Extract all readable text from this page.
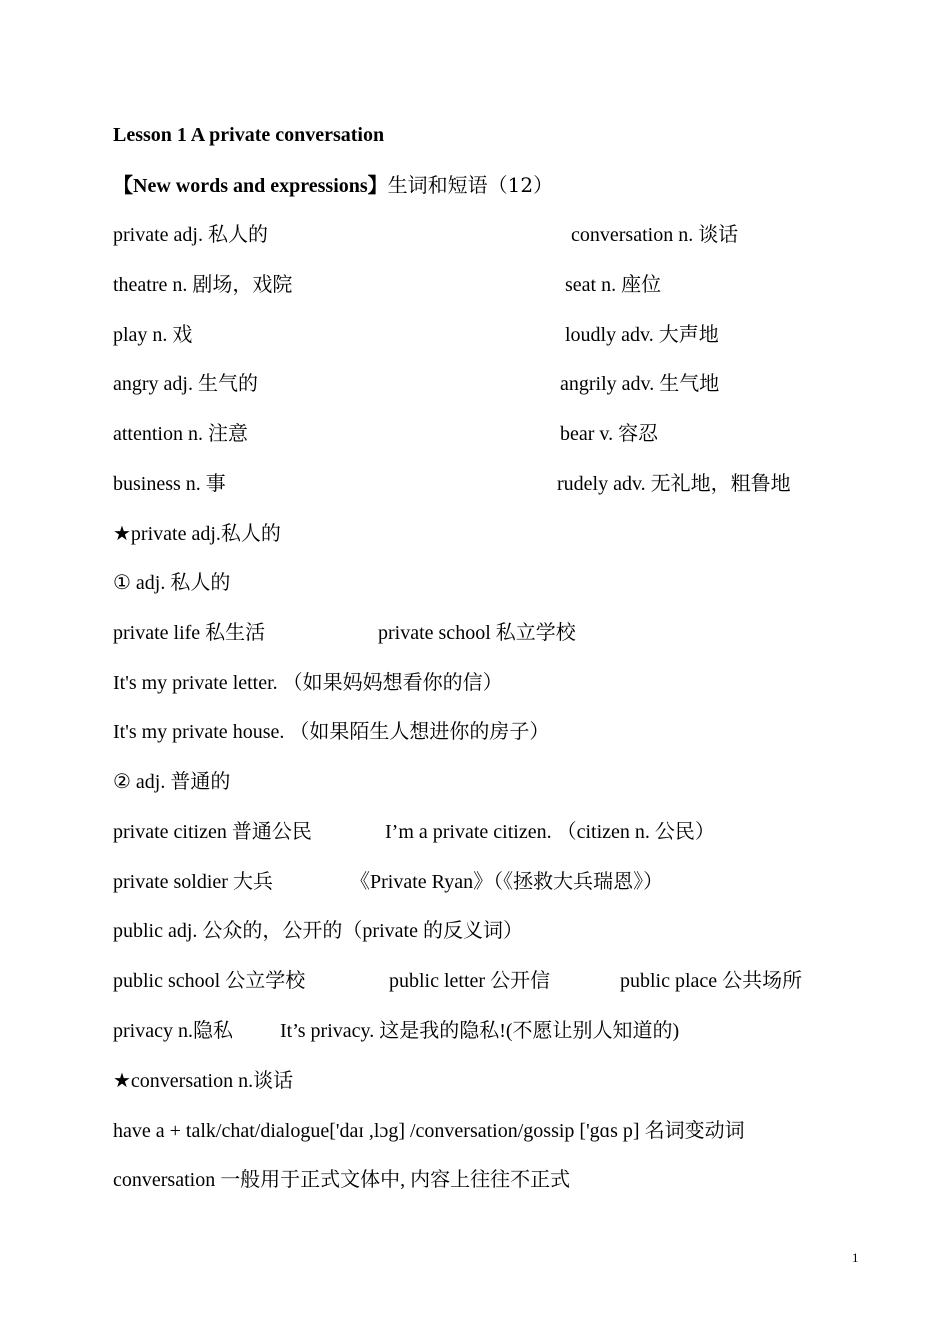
Lesson 1 A private conversation
【New words and expressions】生词和短语（12）
private adj. 私人的	conversation n. 谈话
theatre n. 剧场，戏院	seat n. 座位
play n. 戏	loudly adv. 大声地
angry adj. 生气的	angrily adv. 生气地
attention n. 注意	bear v. 容忍
business n. 事	rudely adv. 无礼地，粗鲁地
★private adj.私人的
① adj. 私人的
private life 私生活	private school 私立学校
It's my private letter. （如果妈妈想看你的信）
It's my private house. （如果陌生人想进你的房子）
② adj. 普通的
private citizen 普通公民	I’m a private citizen. （citizen n. 公民）
private soldier 大兵	《Private Ryan》（《拯救大兵瑞恩》）
public adj. 公众的，公开的（private 的反义词）
public school 公立学校	public letter 公开信	public place 公共场所
privacy n.隐私 It’s privacy. 这是我的隐私!(不愿让别人知道的)
★conversation n.谈话
have a + talk/chat/dialogue['daɪ ,lɔg] /conversation/gossip ['gɑs p] 名词变动词
conversation 一般用于正式文体中, 内容上往往不正式
1
